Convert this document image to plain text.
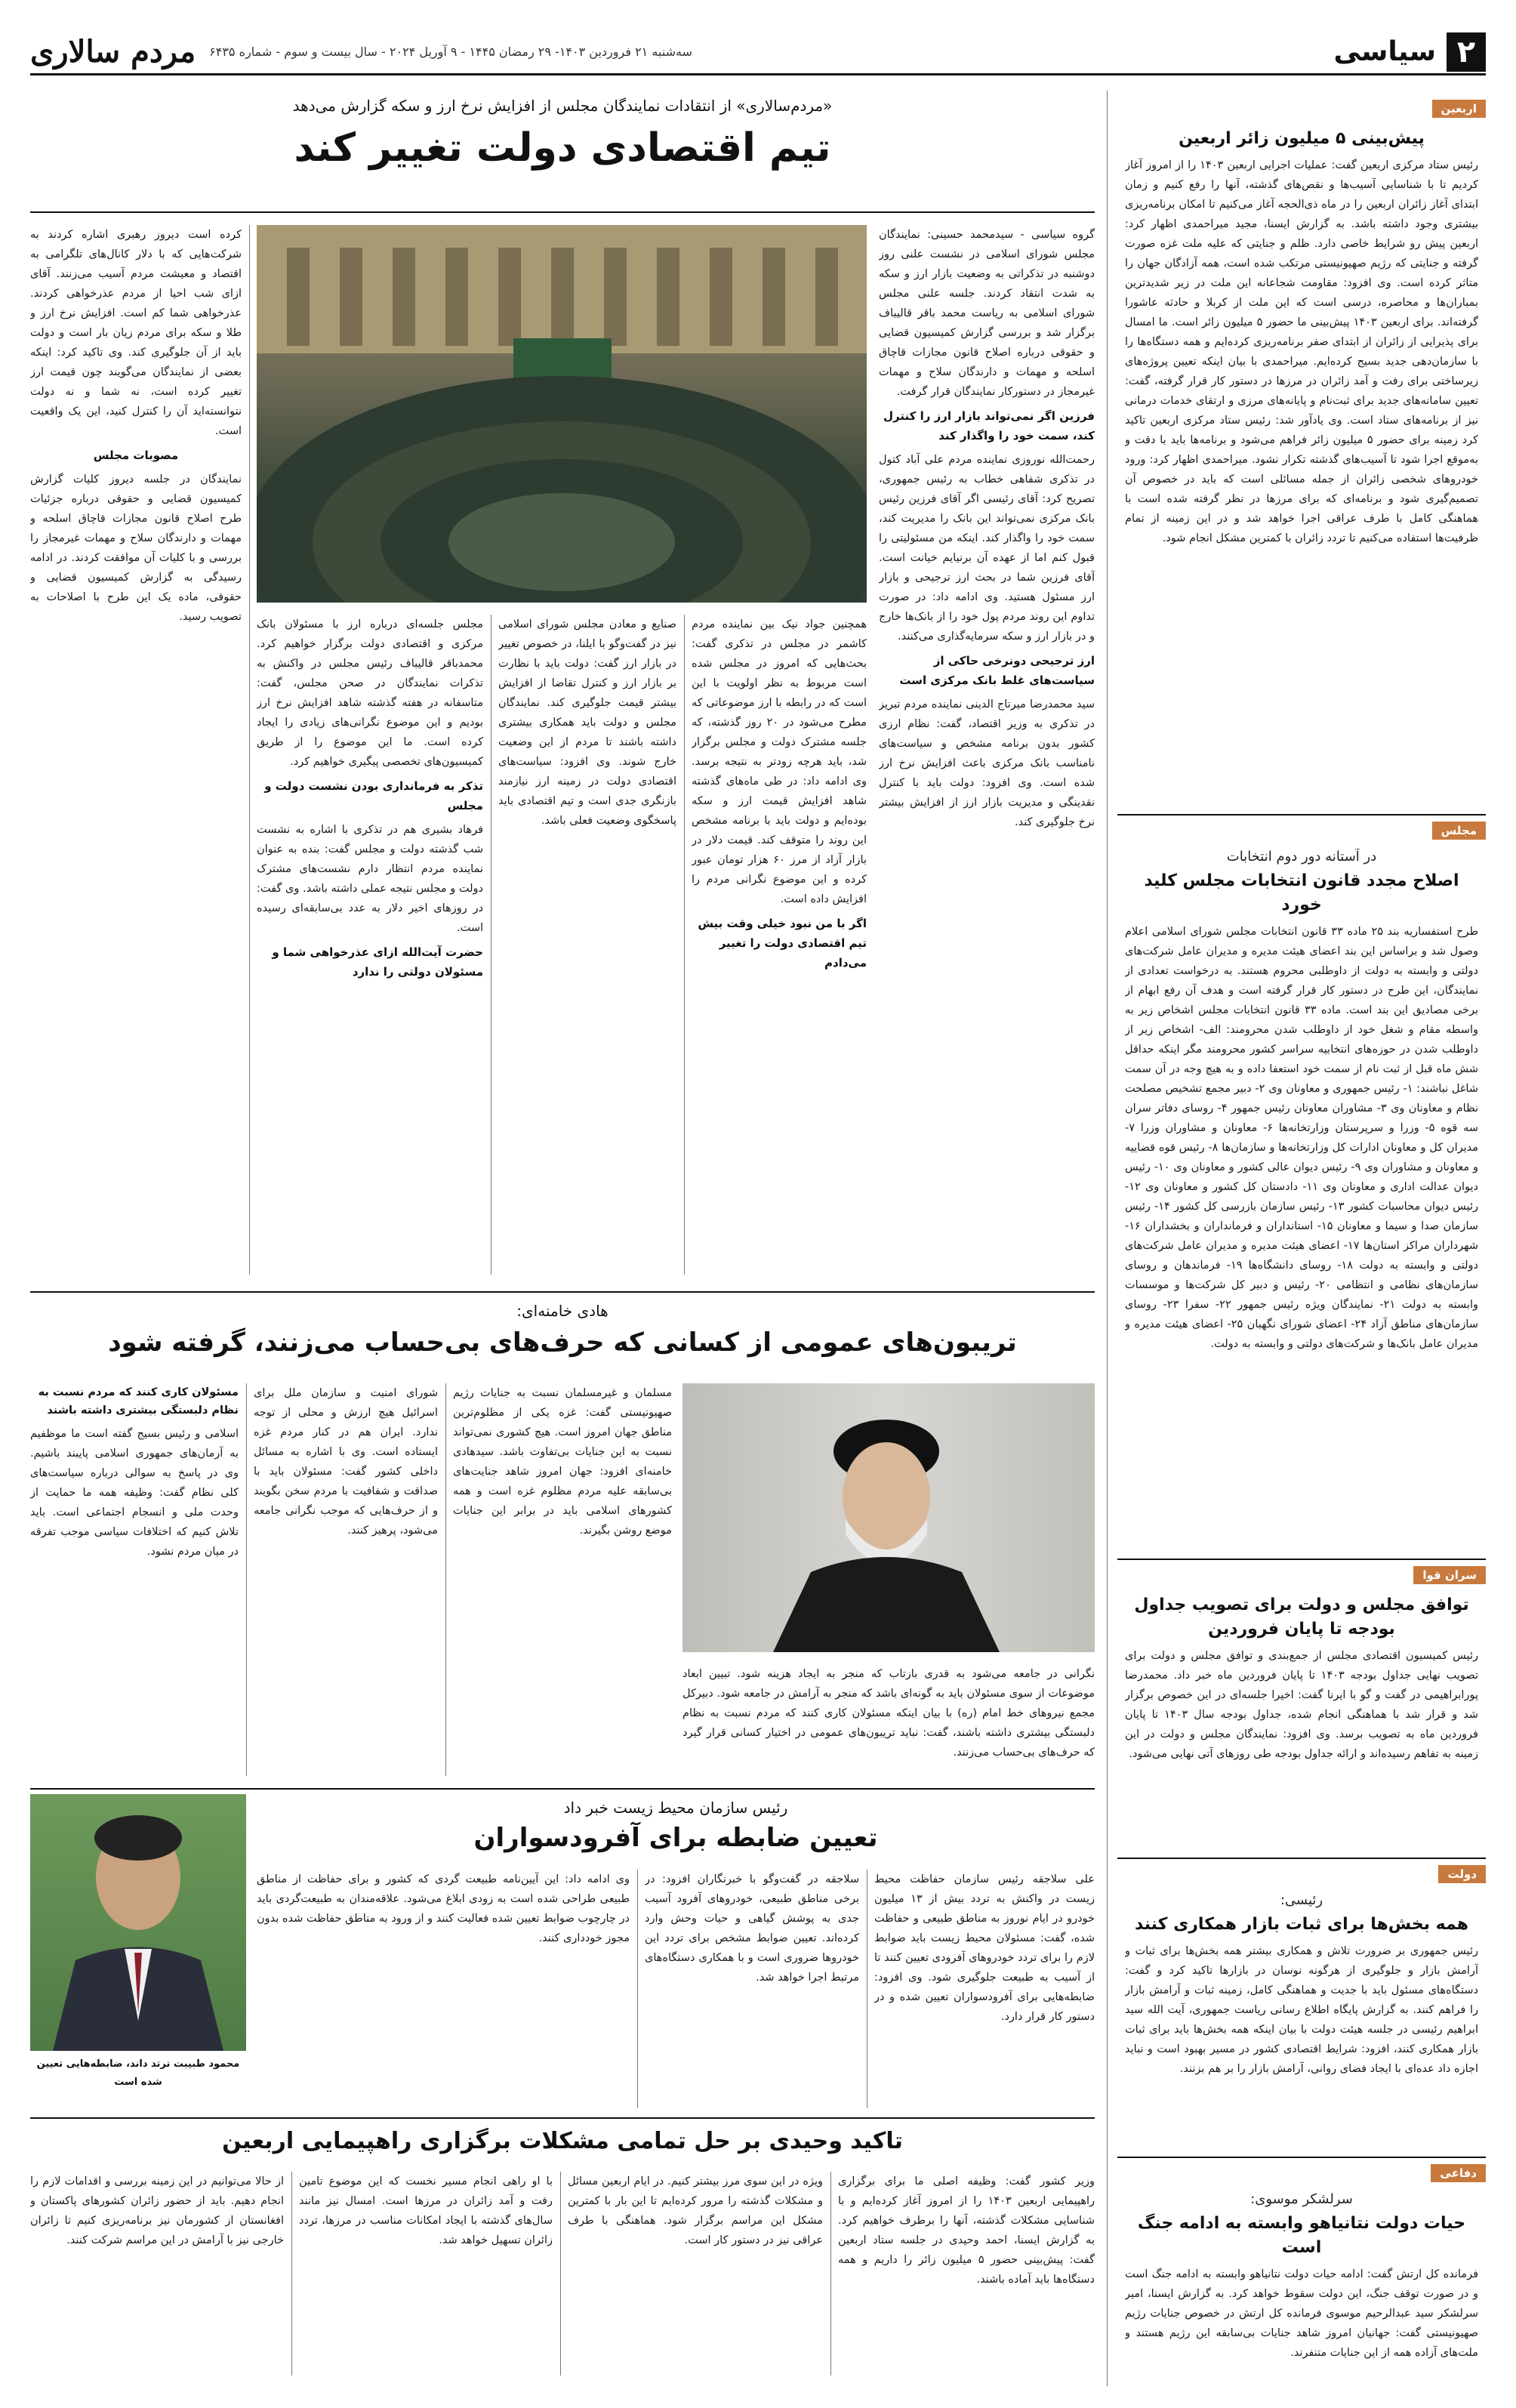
۲
سیاسی
سه‌شنبه ۲۱ فروردین ۱۴۰۳- ۲۹ رمضان ۱۴۴۵ - ۹ آوریل ۲۰۲۴ - سال بیست و سوم - شماره ۶۴۳۵
مردم سالاری
اربعین
پیش‌بینی ۵ میلیون زائر اربعین
رئیس ستاد مرکزی اربعین گفت: عملیات اجرایی اربعین ۱۴۰۳ را از امروز آغاز کردیم تا با شناسایی آسیب‌ها و نقص‌های گذشته، آنها را رفع کنیم و زمان ابتدای آغاز زائران اربعین را در ماه ذی‌الحجه آغاز می‌کنیم تا امکان برنامه‌ریزی بیشتری وجود داشته باشد. به گزارش ایسنا، مجید میراحمدی اظهار کرد: اربعین پیش رو شرایط خاصی دارد. ظلم و جنایتی که علیه ملت غزه صورت گرفته و جنایتی که رژیم صهیونیستی مرتکب شده است، همه آزادگان جهان را متاثر کرده است. وی افزود: مقاومت شجاعانه این ملت در زیر شدیدترین بمباران‌ها و محاصره، درسی است که این ملت از کربلا و حادثه عاشورا گرفته‌اند. برای اربعین ۱۴۰۳ پیش‌بینی ما حضور ۵ میلیون زائر است. ما امسال برای پذیرایی از زائران از ابتدای صفر برنامه‌ریزی کرده‌ایم و همه دستگاه‌ها را با سازمان‌دهی جدید بسیج کرده‌ایم. میراحمدی با بیان اینکه تعیین پروژه‌های زیرساختی برای رفت و آمد زائران در مرزها در دستور کار قرار گرفته، گفت: تعیین سامانه‌های جدید برای ثبت‌نام و پایانه‌های مرزی و ارتقای خدمات درمانی نیز از برنامه‌های ستاد است. وی یادآور شد: رئیس ستاد مرکزی اربعین تاکید کرد زمینه برای حضور ۵ میلیون زائر فراهم می‌شود و برنامه‌ها باید با دقت و به‌موقع اجرا شود تا آسیب‌های گذشته تکرار نشود. میراحمدی اظهار کرد: ورود خودروهای شخصی زائران از جمله مسائلی است که باید در خصوص آن تصمیم‌گیری شود و برنامه‌ای که برای مرزها در نظر گرفته شده است با هماهنگی کامل با طرف عراقی اجرا خواهد شد و در این زمینه از تمام ظرفیت‌ها استفاده می‌کنیم تا تردد زائران با کمترین مشکل انجام شود.
مجلس
در آستانه دور دوم انتخابات
اصلاح مجدد قانون انتخابات مجلس کلید خورد
طرح استفساریه بند ۲۵ ماده ۳۳ قانون انتخابات مجلس شورای اسلامی اعلام وصول شد و براساس این بند اعضای هیئت مدیره و مدیران عامل شرکت‌های دولتی و وابسته به دولت از داوطلبی محروم هستند. به درخواست تعدادی از نمایندگان، این طرح در دستور کار قرار گرفته است و هدف آن رفع ابهام از برخی مصادیق این بند است. ماده ۳۳ قانون انتخابات مجلس اشخاص زیر به واسطه مقام و شغل خود از داوطلب شدن محرومند: الف- اشخاص زیر از داوطلب شدن در حوزه‌های انتخابیه سراسر کشور محرومند مگر اینکه حداقل شش ماه قبل از ثبت نام از سمت خود استعفا داده و به هیچ وجه در آن سمت شاغل نباشند: ۱- رئیس جمهوری و معاونان وی ۲- دبیر مجمع تشخیص مصلحت نظام و معاونان وی ۳- مشاوران معاونان رئیس جمهور ۴- روسای دفاتر سران سه قوه ۵- وزرا و سرپرستان وزارتخانه‌ها ۶- معاونان و مشاوران وزرا ۷- مدیران کل و معاونان ادارات کل وزارتخانه‌ها و سازمان‌ها ۸- رئیس قوه قضاییه و معاونان و مشاوران وی ۹- رئیس دیوان عالی کشور و معاونان وی ۱۰- رئیس دیوان عدالت اداری و معاونان وی ۱۱- دادستان کل کشور و معاونان وی ۱۲- رئیس دیوان محاسبات کشور ۱۳- رئیس سازمان بازرسی کل کشور ۱۴- رئیس سازمان صدا و سیما و معاونان ۱۵- استانداران و فرمانداران و بخشداران ۱۶- شهرداران مراکز استان‌ها ۱۷- اعضای هیئت مدیره و مدیران عامل شرکت‌های دولتی و وابسته به دولت ۱۸- روسای دانشگاه‌ها ۱۹- فرماندهان و روسای سازمان‌های نظامی و انتظامی ۲۰- رئیس و دبیر کل شرکت‌ها و موسسات وابسته به دولت ۲۱- نمایندگان ویژه رئیس جمهور ۲۲- سفرا ۲۳- روسای سازمان‌های مناطق آزاد ۲۴- اعضای شورای نگهبان ۲۵- اعضای هیئت مدیره و مدیران عامل بانک‌ها و شرکت‌های دولتی و وابسته به دولت.
سران قوا
توافق مجلس و دولت برای تصویب جداول بودجه تا پایان فروردین
رئیس کمیسیون اقتصادی مجلس از جمع‌بندی و توافق مجلس و دولت برای تصویب نهایی جداول بودجه ۱۴۰۳ تا پایان فروردین ماه خبر داد. محمدرضا پورابراهیمی در گفت و گو با ایرنا گفت: اخیرا جلسه‌ای در این خصوص برگزار شد و قرار شد با هماهنگی انجام شده، جداول بودجه سال ۱۴۰۳ تا پایان فروردین ماه به تصویب برسد. وی افزود: نمایندگان مجلس و دولت در این زمینه به تفاهم رسیده‌اند و ارائه جداول بودجه طی روزهای آتی نهایی می‌شود.
دولت
رئیسی:
همه بخش‌ها برای ثبات بازار همکاری کنند
رئیس جمهوری بر ضرورت تلاش و همکاری بیشتر همه بخش‌ها برای ثبات و آرامش بازار و جلوگیری از هرگونه نوسان در بازارها تاکید کرد و گفت: دستگاه‌های مسئول باید با جدیت و هماهنگی کامل، زمینه ثبات و آرامش بازار را فراهم کنند. به گزارش پایگاه اطلاع رسانی ریاست جمهوری، آیت الله سید ابراهیم رئیسی در جلسه هیئت دولت با بیان اینکه همه بخش‌ها باید برای ثبات بازار همکاری کنند، افزود: شرایط اقتصادی کشور در مسیر بهبود است و نباید اجازه داد عده‌ای با ایجاد فضای روانی، آرامش بازار را بر هم بزنند.
دفاعی
سرلشکر موسوی:
حیات دولت نتانیاهو وابسته به ادامه جنگ است
فرمانده کل ارتش گفت: ادامه حیات دولت نتانیاهو وابسته به ادامه جنگ است و در صورت توقف جنگ، این دولت سقوط خواهد کرد. به گزارش ایسنا، امیر سرلشکر سید عبدالرحیم موسوی فرمانده کل ارتش در خصوص جنایات رژیم صهیونیستی گفت: جهانیان امروز شاهد جنایات بی‌سابقه این رژیم هستند و ملت‌های آزاده همه از این جنایات متنفرند.
«مردم‌سالاری» از انتقادات نمایندگان مجلس از افزایش نرخ ارز و سکه گزارش می‌دهد
تیم اقتصادی دولت تغییر کند
گروه سیاسی - سیدمحمد حسینی: نمایندگان مجلس شورای اسلامی در نشست علنی روز دوشنبه در تذکراتی به وضعیت بازار ارز و سکه به شدت انتقاد کردند. جلسه علنی مجلس شورای اسلامی به ریاست محمد باقر قالیباف برگزار شد و بررسی گزارش کمیسیون قضایی و حقوقی درباره اصلاح قانون مجازات قاچاق اسلحه و مهمات و دارندگان سلاح و مهمات غیرمجاز در دستورکار نمایندگان قرار گرفت.
فرزین اگر نمی‌تواند بازار ارز را کنترل کند، سمت خود را واگذار کند
رحمت‌الله نوروزی نماینده مردم علی آباد کتول در تذکری شفاهی خطاب به رئیس جمهوری، تصریح کرد: آقای رئیسی اگر آقای فرزین رئیس بانک مرکزی نمی‌تواند این بانک را مدیریت کند، سمت خود را واگذار کند. اینکه من مسئولیتی را قبول کنم اما از عهده آن برنیایم خیانت است. آقای فرزین شما در بحث ارز ترجیحی و بازار ارز مسئول هستید. وی ادامه داد: در صورت تداوم این روند مردم پول خود را از بانک‌ها خارج و در بازار ارز و سکه سرمایه‌گذاری می‌کنند.
ارز ترجیحی دونرخی حاکی از سیاست‌های غلط بانک مرکزی است
سید محمدرضا میرتاج الدینی نماینده مردم تبریز در تذکری به وزیر اقتصاد، گفت: نظام ارزی کشور بدون برنامه مشخص و سیاست‌های نامناسب بانک مرکزی باعث افزایش نرخ ارز شده است. وی افزود: دولت باید با کنترل نقدینگی و مدیریت بازار ارز از افزایش بیشتر نرخ جلوگیری کند.
همچنین جواد نیک بین نماینده مردم کاشمر در مجلس در تذکری گفت: بحث‌هایی که امروز در مجلس شده است مربوط به نظر اولویت با این است که در رابطه با ارز موضوعاتی که مطرح می‌شود در ۲۰ روز گذشته، که جلسه مشترک دولت و مجلس برگزار شد، باید هرچه زودتر به نتیجه برسد. وی ادامه داد: در طی ماه‌های گذشته شاهد افزایش قیمت ارز و سکه بوده‌ایم و دولت باید با برنامه مشخص این روند را متوقف کند. قیمت دلار در بازار آزاد از مرز ۶۰ هزار تومان عبور کرده و این موضوع نگرانی مردم را افزایش داده است.
اگر با من نبود خیلی وقت بیش تیم اقتصادی دولت را تغییر می‌دادم
صنایع و معادن مجلس شورای اسلامی نیز در گفت‌وگو با ایلنا، در خصوص تغییر در بازار ارز گفت: دولت باید با نظارت بر بازار ارز و کنترل تقاضا از افزایش بیشتر قیمت جلوگیری کند. نمایندگان مجلس و دولت باید همکاری بیشتری داشته باشند تا مردم از این وضعیت خارج شوند. وی افزود: سیاست‌های اقتصادی دولت در زمینه ارز نیازمند بازنگری جدی است و تیم اقتصادی باید پاسخگوی وضعیت فعلی باشد.
مجلس جلسه‌ای درباره ارز با مسئولان بانک مرکزی و اقتصادی دولت برگزار خواهیم کرد. محمدباقر قالیباف رئیس مجلس در واکنش به تذکرات نمایندگان در صحن مجلس، گفت: متاسفانه در هفته گذشته شاهد افزایش نرخ ارز بودیم و این موضوع نگرانی‌های زیادی را ایجاد کرده است. ما این موضوع را از طریق کمیسیون‌های تخصصی پیگیری خواهیم کرد.
تذکر به فرمانداری بودن نشست دولت و مجلس
فرهاد بشیری هم در تذکری با اشاره به نشست شب گذشته دولت و مجلس گفت: بنده به عنوان نماینده مردم انتظار دارم نشست‌های مشترک دولت و مجلس نتیجه عملی داشته باشد. وی گفت: در روزهای اخیر دلار به عدد بی‌سابقه‌ای رسیده است.
حضرت آیت‌الله ازای عذرخواهی شما و مسئولان دولتی را ندارد
کرده است دیروز رهبری اشاره کردند به شرکت‌هایی که با دلار کانال‌های تلگرامی به اقتصاد و معیشت مردم آسیب می‌زنند. آقای ازای شب احیا از مردم عذرخواهی کردند. عذرخواهی شما کم است. افزایش نرخ ارز و طلا و سکه برای مردم زیان بار است و دولت باید از آن جلوگیری کند. وی تاکید کرد: اینکه بعضی از نمایندگان می‌گویند چون قیمت ارز تغییر کرده است، نه شما و نه دولت نتوانسته‌اید آن را کنترل کنید، این یک واقعیت است.
مصوبات مجلس
نمایندگان در جلسه دیروز کلیات گزارش کمیسیون قضایی و حقوقی درباره جزئیات طرح اصلاح قانون مجازات قاچاق اسلحه و مهمات و دارندگان سلاح و مهمات غیرمجاز را بررسی و با کلیات آن موافقت کردند. در ادامه رسیدگی به گزارش کمیسیون قضایی و حقوقی، ماده یک این طرح با اصلاحات به تصویب رسید.
هادی خامنه‌ای:
تریبون‌های عمومی از کسانی که حرف‌های بی‌حساب می‌زنند، گرفته شود
نگرانی در جامعه می‌شود به قدری بازتاب که منجر به ایجاد هزینه شود. تبیین ابعاد موضوعات از سوی مسئولان باید به گونه‌ای باشد که منجر به آرامش در جامعه شود. دبیرکل مجمع نیروهای خط امام (ره) با بیان اینکه مسئولان کاری کنند که مردم نسبت به نظام دلبستگی بیشتری داشته باشند، گفت: نباید تریبون‌های عمومی در اختیار کسانی قرار گیرد که حرف‌های بی‌حساب می‌زنند.
مسلمان و غیرمسلمان نسبت به جنایات رژیم صهیونیستی گفت: غزه یکی از مظلوم‌ترین مناطق جهان امروز است. هیچ کشوری نمی‌تواند نسبت به این جنایات بی‌تفاوت باشد. سیدهادی خامنه‌ای افزود: جهان امروز شاهد جنایت‌های بی‌سابقه علیه مردم مظلوم غزه است و همه کشورهای اسلامی باید در برابر این جنایات موضع روشن بگیرند.
شورای امنیت و سازمان ملل برای اسرائیل هیچ ارزش و محلی از توجه ندارد. ایران هم در کنار مردم غزه ایستاده است. وی با اشاره به مسائل داخلی کشور گفت: مسئولان باید با صداقت و شفافیت با مردم سخن بگویند و از حرف‌هایی که موجب نگرانی جامعه می‌شود، پرهیز کنند.
مسئولان کاری کنند که مردم نسبت به نظام دلبستگی بیشتری داشته باشند
اسلامی و رئیس بسیج گفته است ما موظفیم به آرمان‌های جمهوری اسلامی پایبند باشیم. وی در پاسخ به سوالی درباره سیاست‌های کلی نظام گفت: وظیفه همه ما حمایت از وحدت ملی و انسجام اجتماعی است. باید تلاش کنیم که اختلافات سیاسی موجب تفرقه در میان مردم نشود.
رئیس سازمان محیط زیست خبر داد
تعیین ضابطه برای آفرودسواران
علی سلاجقه رئیس سازمان حفاظت محیط زیست در واکنش به تردد بیش از ۱۳ میلیون خودرو در ایام نوروز به مناطق طبیعی و حفاظت شده، گفت: مسئولان محیط زیست باید ضوابط لازم را برای تردد خودروهای آفرودی تعیین کنند تا از آسیب به طبیعت جلوگیری شود. وی افزود: ضابطه‌هایی برای آفرودسواران تعیین شده و در دستور کار قرار دارد.
سلاجقه در گفت‌وگو با خبرنگاران افزود: در برخی مناطق طبیعی، خودروهای آفرود آسیب جدی به پوشش گیاهی و حیات وحش وارد کرده‌اند. تعیین ضوابط مشخص برای تردد این خودروها ضروری است و با همکاری دستگاه‌های مرتبط اجرا خواهد شد.
وی ادامه داد: این آیین‌نامه طبیعت گردی که کشور و برای حفاظت از مناطق طبیعی طراحی شده است به زودی ابلاغ می‌شود. علاقه‌مندان به طبیعت‌گردی باید در چارچوب ضوابط تعیین شده فعالیت کنند و از ورود به مناطق حفاظت شده بدون مجوز خودداری کنند.
محمود طبیبت ترتد داند، ضابطه‌هایی تعیین شده است
تاکید وحیدی بر حل تمامی مشکلات برگزاری راهپیمایی اربعین
وزیر کشور گفت: وظیفه اصلی ما برای برگزاری راهپیمایی اربعین ۱۴۰۳ را از امروز آغاز کرده‌ایم و با شناسایی مشکلات گذشته، آنها را برطرف خواهیم کرد. به گزارش ایسنا، احمد وحیدی در جلسه ستاد اربعین گفت: پیش‌بینی حضور ۵ میلیون زائر را داریم و همه دستگاه‌ها باید آماده باشند.
ویژه در این سوی مرز بیشتر کنیم. در ایام اربعین مسائل و مشکلات گذشته را مرور کرده‌ایم تا این بار با کمترین مشکل این مراسم برگزار شود. هماهنگی با طرف عراقی نیز در دستور کار است.
با او راهی انجام مسیر نخست که این موضوع تامین رفت و آمد زائران در مرزها است. امسال نیز مانند سال‌های گذشته با ایجاد امکانات مناسب در مرزها، تردد زائران تسهیل خواهد شد.
از حالا می‌توانیم در این زمینه بررسی و اقدامات لازم را انجام دهیم. باید از حضور زائران کشورهای پاکستان و افغانستان از کشورمان نیز برنامه‌ریزی کنیم تا زائران خارجی نیز با آرامش در این مراسم شرکت کنند.
